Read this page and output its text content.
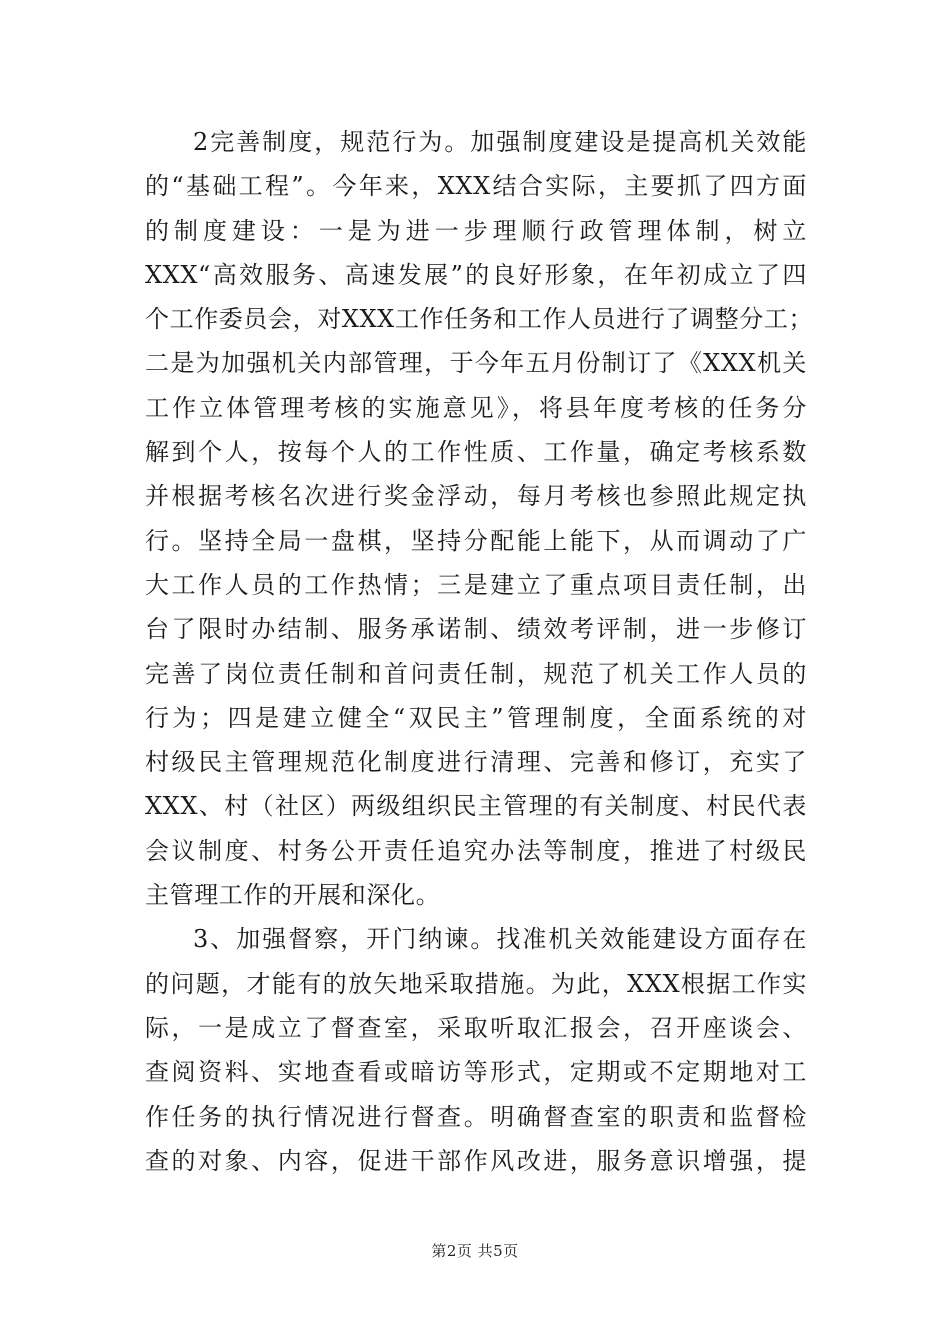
2完善制度，规范行为。加强制度建设是提高机关效能
的“基础工程”。今年来，XXX结合实际，主要抓了四方面
的制度建设：一是为进一步理顺行政管理体制，树立
XXX“高效服务、高速发展”的良好形象，在年初成立了四
个工作委员会，对XXX工作任务和工作人员进行了调整分工；
二是为加强机关内部管理，于今年五月份制订了《XXX机关
工作立体管理考核的实施意见》，将县年度考核的任务分
解到个人，按每个人的工作性质、工作量，确定考核系数
并根据考核名次进行奖金浮动，每月考核也参照此规定执
行。坚持全局一盘棋，坚持分配能上能下，从而调动了广
大工作人员的工作热情；三是建立了重点项目责任制，出
台了限时办结制、服务承诺制、绩效考评制，进一步修订
完善了岗位责任制和首问责任制，规范了机关工作人员的
行为；四是建立健全“双民主”管理制度，全面系统的对
村级民主管理规范化制度进行清理、完善和修订，充实了
XXX、村（社区）两级组织民主管理的有关制度、村民代表
会议制度、村务公开责任追究办法等制度，推进了村级民
主管理工作的开展和深化。
3、加强督察，开门纳谏。找准机关效能建设方面存在
的问题，才能有的放矢地采取措施。为此，XXX根据工作实
际，一是成立了督查室，采取听取汇报会，召开座谈会、
查阅资料、实地查看或暗访等形式，定期或不定期地对工
作任务的执行情况进行督查。明确督查室的职责和监督检
查的对象、内容，促进干部作风改进，服务意识增强，提
第2页 共5页
